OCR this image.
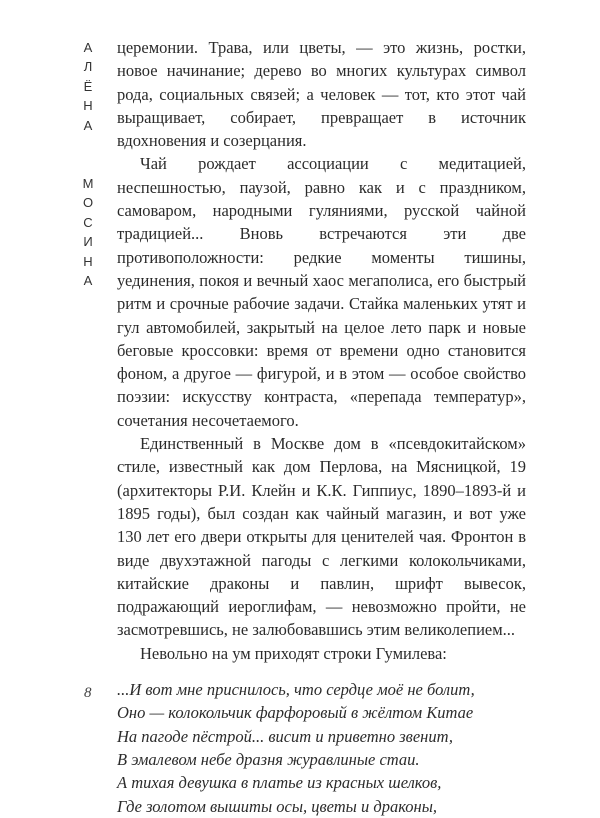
А
Л
Ё
Н
А
М
О
С
И
Н
А

церемонии. Трава, или цветы, — это жизнь, ростки, новое начинание; дерево во многих культурах символ рода, социальных связей; а человек — тот, кто этот чай выращивает, собирает, превращает в источник вдохновения и созерцания.

Чай рождает ассоциации с медитацией, неспешностью, паузой, равно как и с праздником, самоваром, народными гуляниями, русской чайной традицией... Вновь встречаются эти две противоположности: редкие моменты тишины, уединения, покоя и вечный хаос мегаполиса, его быстрый ритм и срочные рабочие задачи. Стайка маленьких утят и гул автомобилей, закрытый на целое лето парк и новые беговые кроссовки: время от времени одно становится фоном, а другое — фигурой, и в этом — особое свойство поэзии: искусству контраста, «перепада температур», сочетания несочетаемого.

Единственный в Москве дом в «псевдокитайском» стиле, известный как дом Перлова, на Мясницкой, 19 (архитекторы Р.И. Клейн и К.К. Гиппиус, 1890–1893-й и 1895 годы), был создан как чайный магазин, и вот уже 130 лет его двери открыты для ценителей чая. Фронтон в виде двухэтажной пагоды с легкими колокольчиками, китайские драконы и павлин, шрифт вывесок, подражающий иероглифам, — невозможно пройти, не засмотревшись, не залюбовавшись этим великолепием...

Невольно на ум приходят строки Гумилева:

...И вот мне приснилось, что сердце моё не болит,
Оно — колокольчик фарфоровый в жёлтом Китае
На пагоде пёстрой... висит и приветно звенит,
В эмалевом небе дразня журавлиные стаи.
А тихая девушка в платье из красных шелков,
Где золотом вышиты осы, цветы и драконы,
8
